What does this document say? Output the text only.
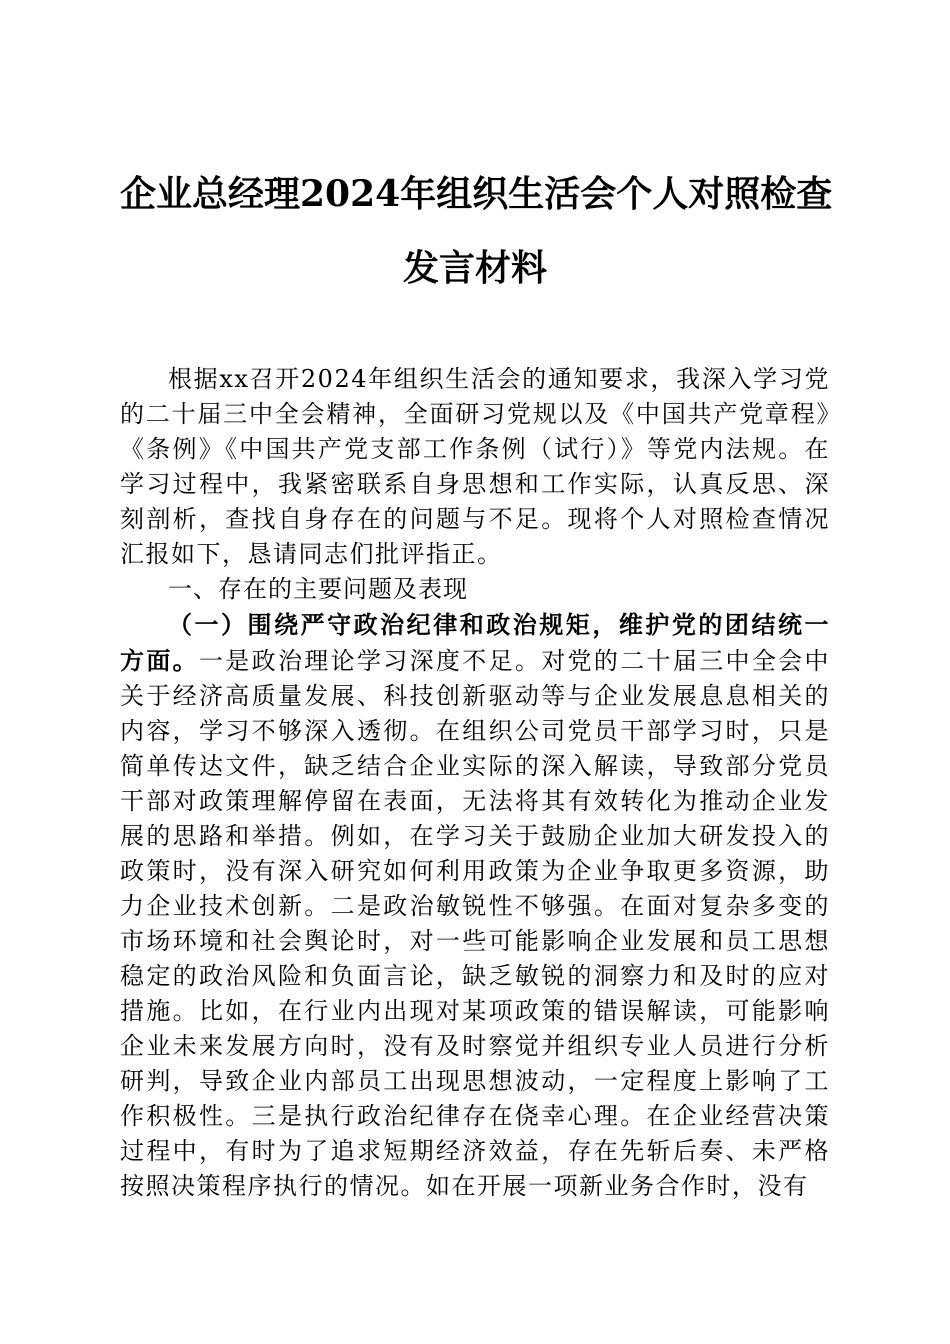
企业总经理2024年组织生活会个人对照检查

发言材料

根据xx召开2024年组织生活会的通知要求，我深入学习党的二十届三中全会精神，全面研习党规以及《中国共产党章程》《条例》《中国共产党支部工作条例（试行）》等党内法规。在学习过程中，我紧密联系自身思想和工作实际，认真反思、深刻剖析，查找自身存在的问题与不足。现将个人对照检查情况汇报如下，恳请同志们批评指正。

一、存在的主要问题及表现

（一）围绕严守政治纪律和政治规矩，维护党的团结统一方面。一是政治理论学习深度不足。对党的二十届三中全会中关于经济高质量发展、科技创新驱动等与企业发展息息相关的内容，学习不够深入透彻。在组织公司党员干部学习时，只是简单传达文件，缺乏结合企业实际的深入解读，导致部分党员干部对政策理解停留在表面，无法将其有效转化为推动企业发展的思路和举措。例如，在学习关于鼓励企业加大研发投入的政策时，没有深入研究如何利用政策为企业争取更多资源，助力企业技术创新。二是政治敏锐性不够强。在面对复杂多变的市场环境和社会舆论时，对一些可能影响企业发展和员工思想稳定的政治风险和负面言论，缺乏敏锐的洞察力和及时的应对措施。比如，在行业内出现对某项政策的错误解读，可能影响企业未来发展方向时，没有及时察觉并组织专业人员进行分析研判，导致企业内部员工出现思想波动，一定程度上影响了工作积极性。三是执行政治纪律存在侥幸心理。在企业经营决策过程中，有时为了追求短期经济效益，存在先斩后奏、未严格按照决策程序执行的情况。如在开展一项新业务合作时，没有
